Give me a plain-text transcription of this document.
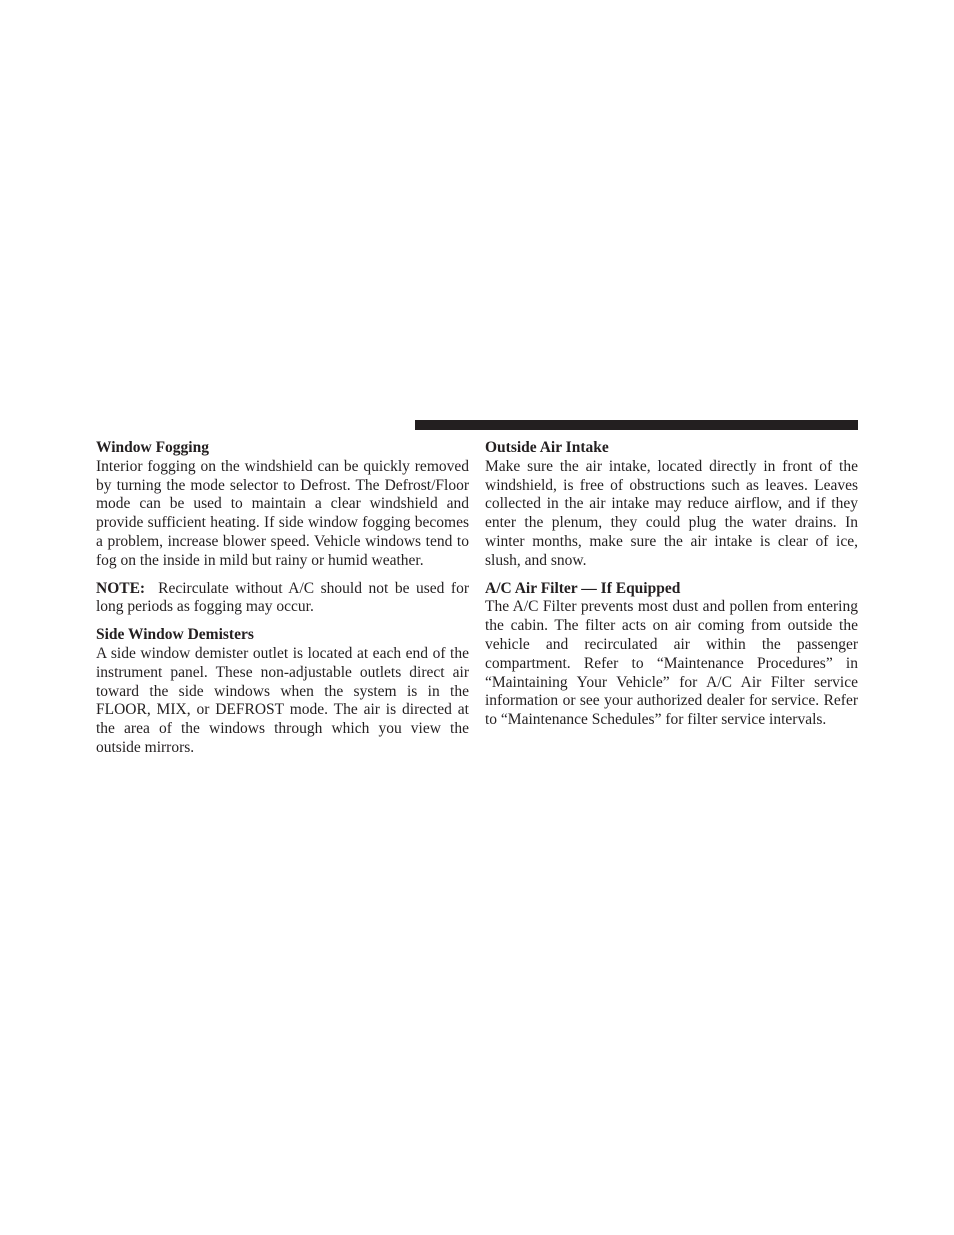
Window Fogging

Interior fogging on the windshield can be quickly removed by turning the mode selector to Defrost. The Defrost/Floor mode can be used to maintain a clear windshield and provide sufficient heating. If side window fogging becomes a problem, increase blower speed. Vehicle windows tend to fog on the inside in mild but rainy or humid weather.

NOTE: Recirculate without A/C should not be used for long periods as fogging may occur.

Side Window Demisters

A side window demister outlet is located at each end of the instrument panel. These non-adjustable outlets direct air toward the side windows when the system is in the FLOOR, MIX, or DEFROST mode. The air is directed at the area of the windows through which you view the outside mirrors.

Outside Air Intake

Make sure the air intake, located directly in front of the windshield, is free of obstructions such as leaves. Leaves collected in the air intake may reduce airflow, and if they enter the plenum, they could plug the water drains. In winter months, make sure the air intake is clear of ice, slush, and snow.

A/C Air Filter — If Equipped

The A/C Filter prevents most dust and pollen from entering the cabin. The filter acts on air coming from outside the vehicle and recirculated air within the passenger compartment. Refer to “Maintenance Procedures” in “Maintaining Your Vehicle” for A/C Air Filter service information or see your authorized dealer for service. Refer to “Maintenance Schedules” for filter service intervals.
